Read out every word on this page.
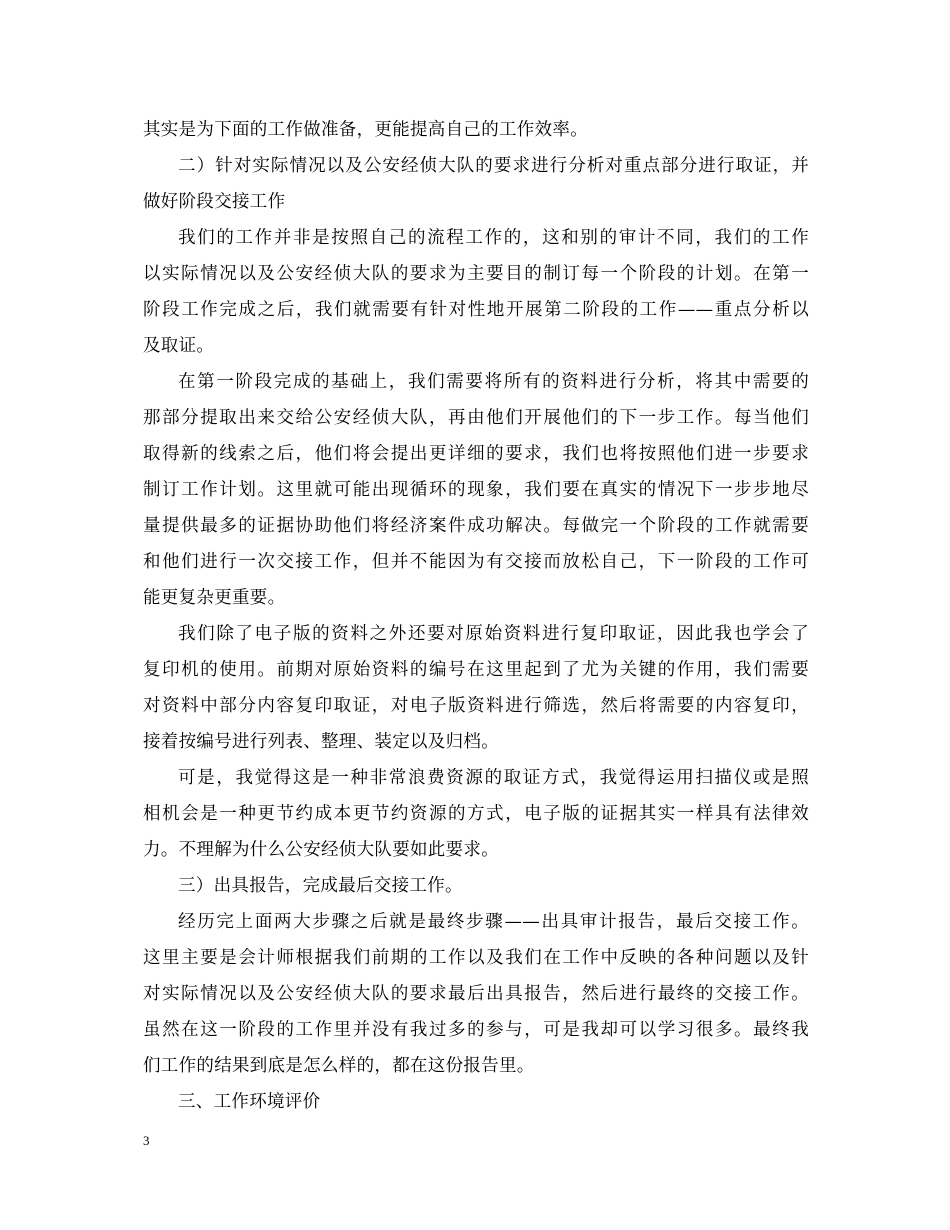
其实是为下面的工作做准备，更能提高自己的工作效率。
二）针对实际情况以及公安经侦大队的要求进行分析对重点部分进行取证，并
做好阶段交接工作
我们的工作并非是按照自己的流程工作的，这和别的审计不同，我们的工作
以实际情况以及公安经侦大队的要求为主要目的制订每一个阶段的计划。在第一
阶段工作完成之后，我们就需要有针对性地开展第二阶段的工作——重点分析以
及取证。
在第一阶段完成的基础上，我们需要将所有的资料进行分析，将其中需要的
那部分提取出来交给公安经侦大队，再由他们开展他们的下一步工作。每当他们
取得新的线索之后，他们将会提出更详细的要求，我们也将按照他们进一步要求
制订工作计划。这里就可能出现循环的现象，我们要在真实的情况下一步步地尽
量提供最多的证据协助他们将经济案件成功解决。每做完一个阶段的工作就需要
和他们进行一次交接工作，但并不能因为有交接而放松自己，下一阶段的工作可
能更复杂更重要。
我们除了电子版的资料之外还要对原始资料进行复印取证，因此我也学会了
复印机的使用。前期对原始资料的编号在这里起到了尤为关键的作用，我们需要
对资料中部分内容复印取证，对电子版资料进行筛选，然后将需要的内容复印，
接着按编号进行列表、整理、装定以及归档。
可是，我觉得这是一种非常浪费资源的取证方式，我觉得运用扫描仪或是照
相机会是一种更节约成本更节约资源的方式，电子版的证据其实一样具有法律效
力。不理解为什么公安经侦大队要如此要求。
三）出具报告，完成最后交接工作。
经历完上面两大步骤之后就是最终步骤——出具审计报告，最后交接工作。
这里主要是会计师根据我们前期的工作以及我们在工作中反映的各种问题以及针
对实际情况以及公安经侦大队的要求最后出具报告，然后进行最终的交接工作。
虽然在这一阶段的工作里并没有我过多的参与，可是我却可以学习很多。最终我
们工作的结果到底是怎么样的，都在这份报告里。
三、工作环境评价
3
